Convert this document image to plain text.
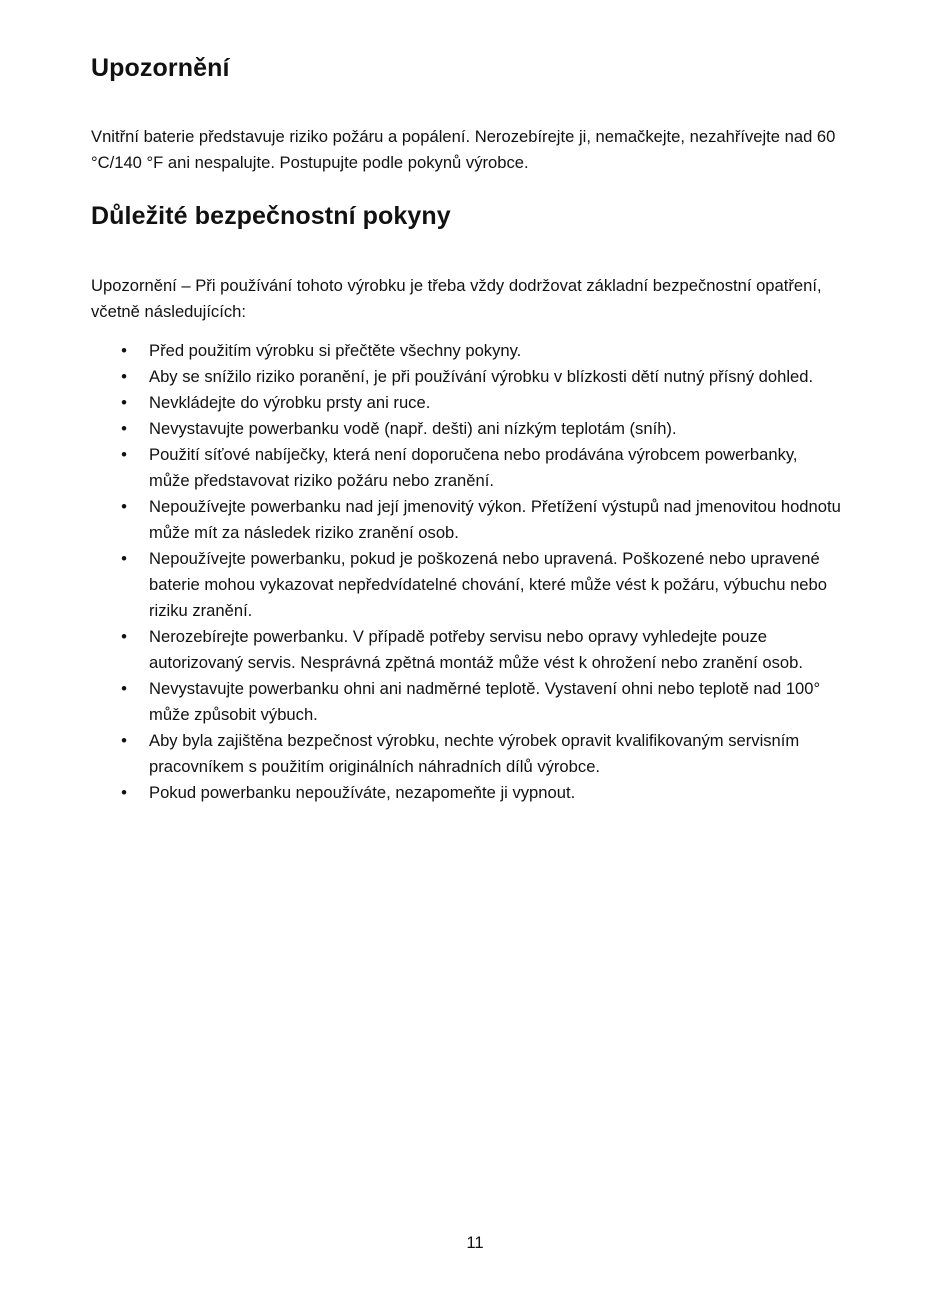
Upozornění

Vnitřní baterie představuje riziko požáru a popálení. Nerozebírejte ji, nemačkejte, nezahřívejte nad 60 °C/140 °F ani nespalujte. Postupujte podle pokynů výrobce.

Důležité bezpečnostní pokyny

Upozornění – Při používání tohoto výrobku je třeba vždy dodržovat základní bezpečnostní opatření, včetně následujících:

• Před použitím výrobku si přečtěte všechny pokyny.
• Aby se snížilo riziko poranění, je při používání výrobku v blízkosti dětí nutný přísný dohled.
• Nevkládejte do výrobku prsty ani ruce.
• Nevystavujte powerbanku vodě (např. dešti) ani nízkým teplotám (sníh).
• Použití síťové nabíječky, která není doporučena nebo prodávána výrobcem powerbanky, může představovat riziko požáru nebo zranění.
• Nepoužívejte powerbanku nad její jmenovitý výkon. Přetížení výstupů nad jmenovitou hodnotu může mít za následek riziko zranění osob.
• Nepoužívejte powerbanku, pokud je poškozená nebo upravená. Poškozené nebo upravené baterie mohou vykazovat nepředvídatelné chování, které může vést k požáru, výbuchu nebo riziku zranění.
• Nerozebírejte powerbanku. V případě potřeby servisu nebo opravy vyhledejte pouze autorizovaný servis. Nesprávná zpětná montáž může vést k ohrožení nebo zranění osob.
• Nevystavujte powerbanku ohni ani nadměrné teplotě. Vystavení ohni nebo teplotě nad 100° může způsobit výbuch.
• Aby byla zajištěna bezpečnost výrobku, nechte výrobek opravit kvalifikovaným servisním pracovníkem s použitím originálních náhradních dílů výrobce.
• Pokud powerbanku nepoužíváte, nezapomeňte ji vypnout.
11
